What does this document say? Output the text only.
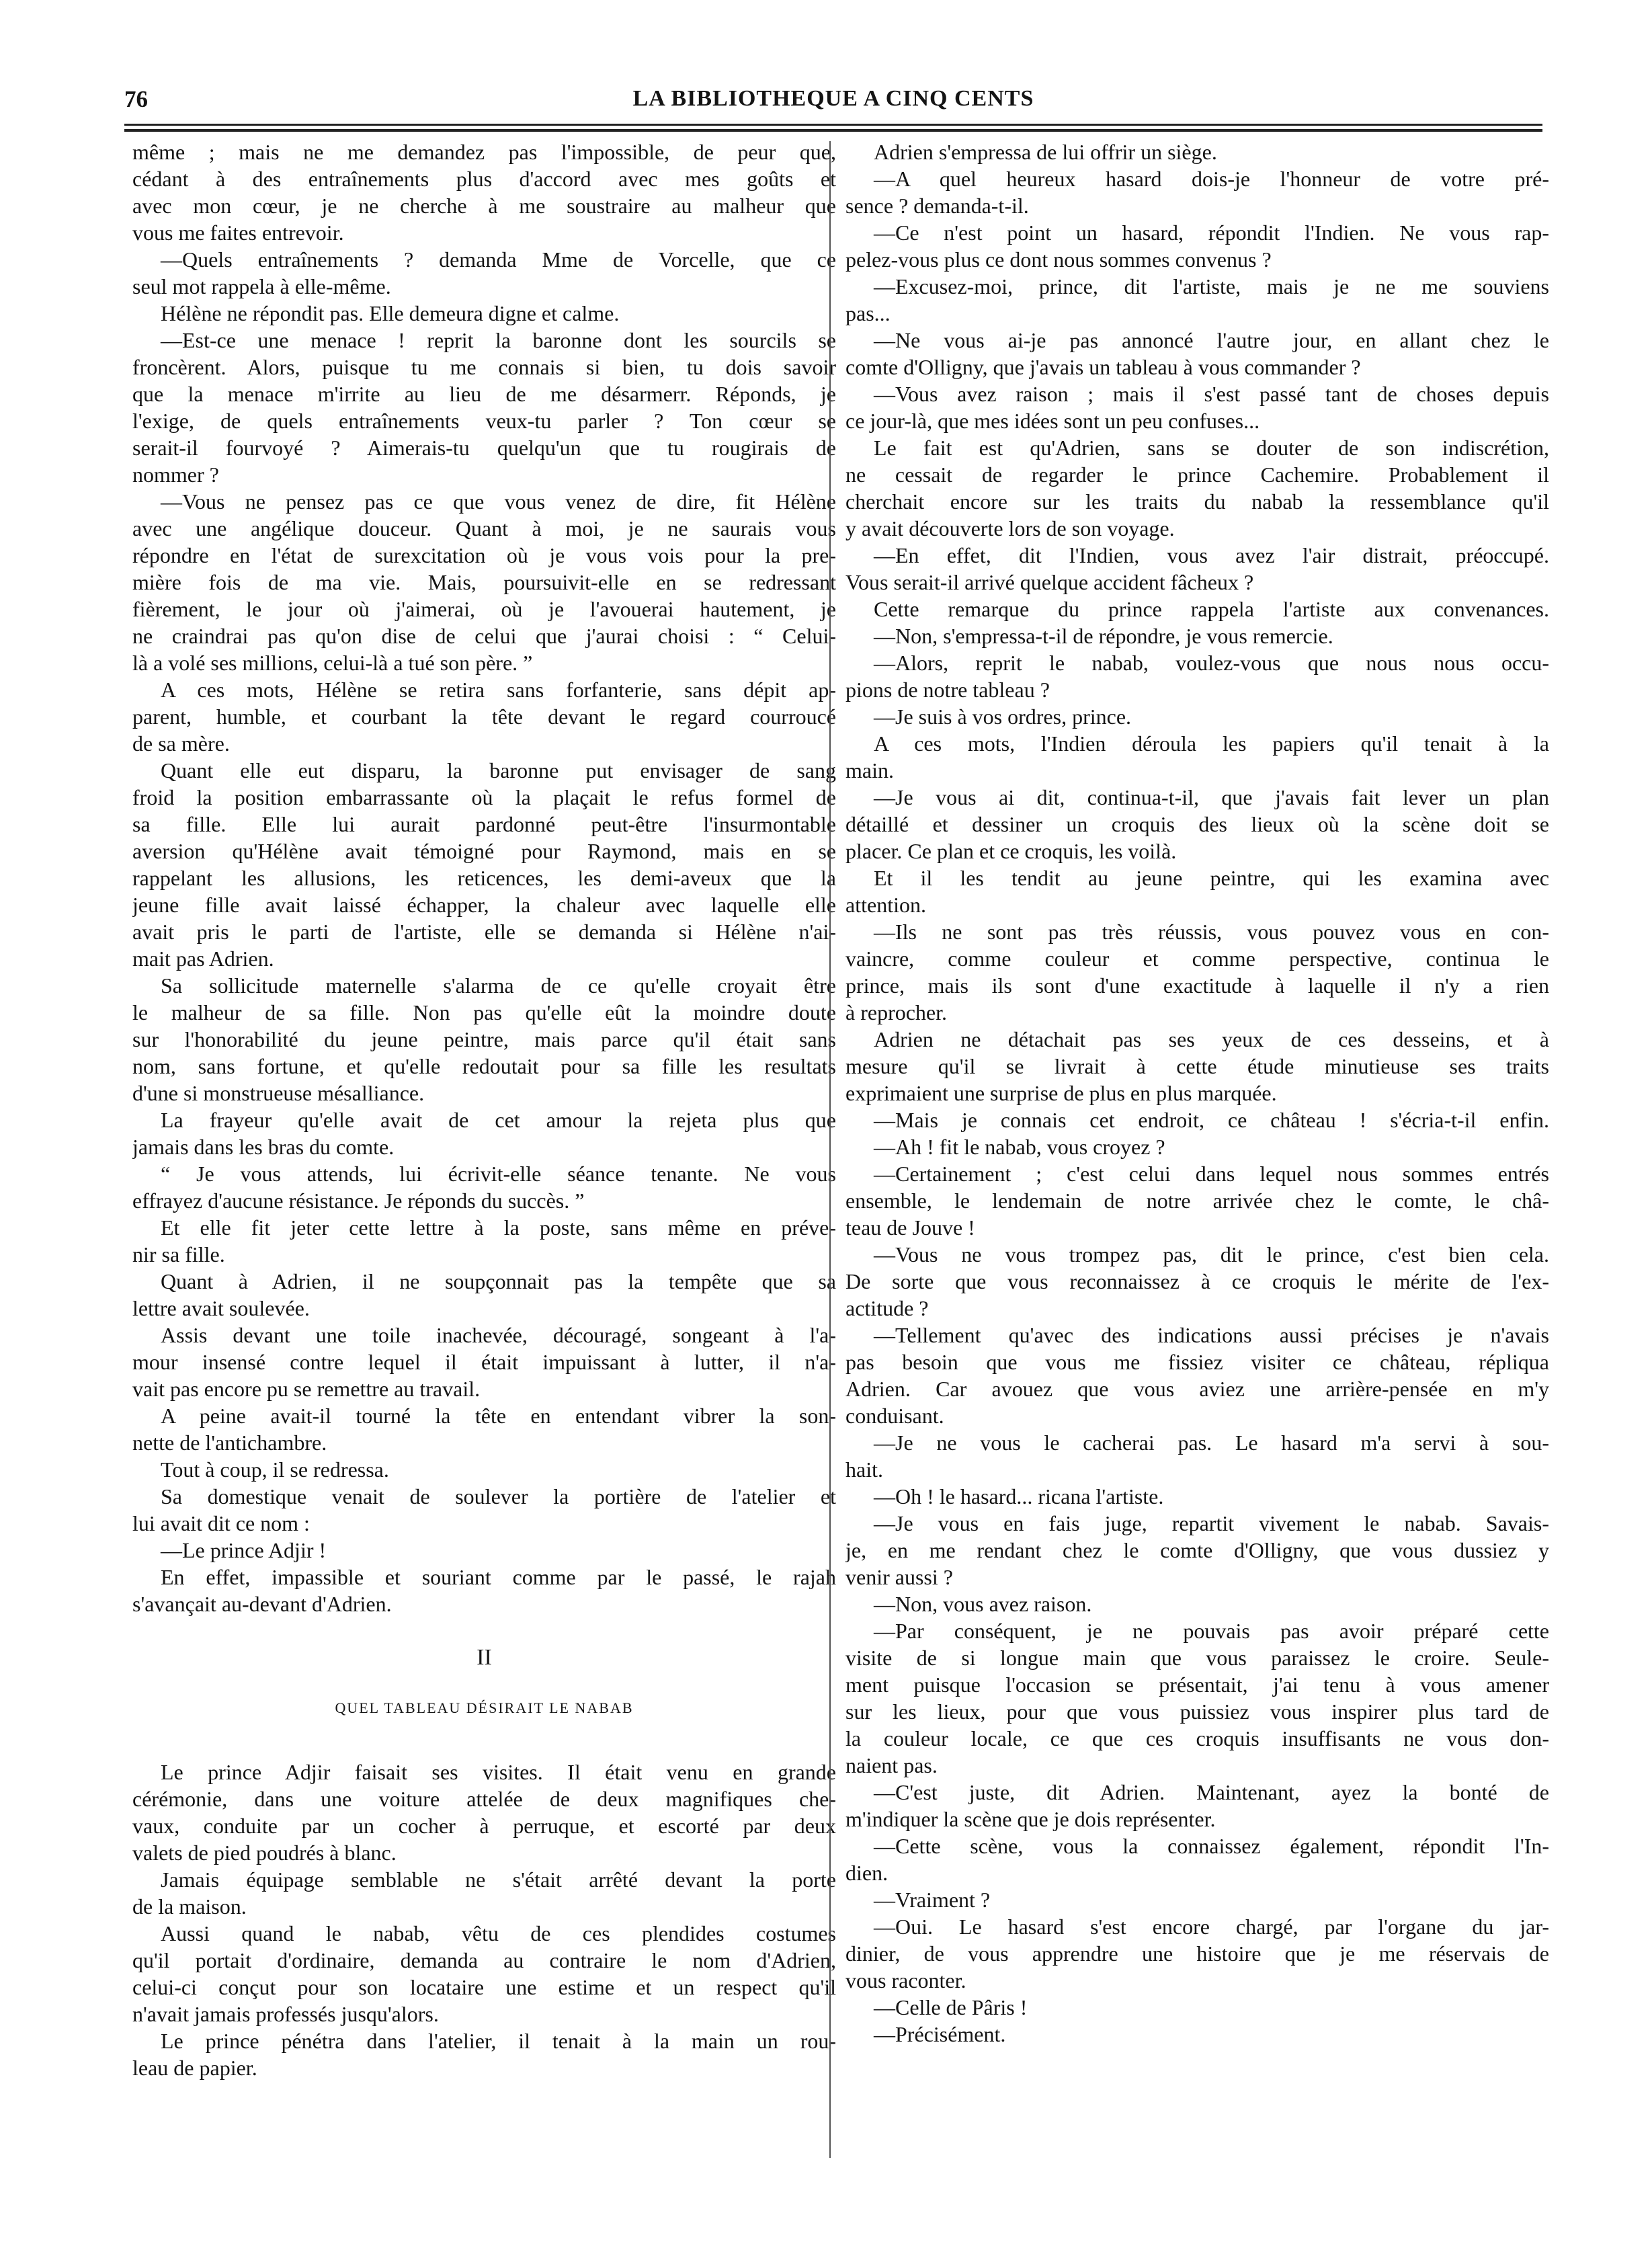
76	LA BIBLIOTHEQUE A CINQ CENTS
même ; mais ne me demandez pas l'impossible, de peur que,
cédant à des entraînements plus d'accord avec mes goûts et
avec mon cœur, je ne cherche à me soustraire au malheur que
vous me faites entrevoir.
—Quels entraînements ? demanda Mme de Vorcelle, que ce
seul mot rappela à elle-même.
Hélène ne répondit pas. Elle demeura digne et calme.
—Est-ce une menace ! reprit la baronne dont les sourcils se
froncèrent. Alors, puisque tu me connais si bien, tu dois savoir
que la menace m'irrite au lieu de me désarmerr. Réponds, je
l'exige, de quels entraînements veux-tu parler ? Ton cœur se
serait-il fourvoyé ? Aimerais-tu quelqu'un que tu rougirais de
nommer ?
—Vous ne pensez pas ce que vous venez de dire, fit Hélène
avec une angélique douceur. Quant à moi, je ne saurais vous
répondre en l'état de surexcitation où je vous vois pour la pre-
mière fois de ma vie. Mais, poursuivit-elle en se redressant
fièrement, le jour où j'aimerai, où je l'avouerai hautement, je
ne craindrai pas qu'on dise de celui que j'aurai choisi : “ Celui-
là a volé ses millions, celui-là a tué son père. ”
A ces mots, Hélène se retira sans forfanterie, sans dépit ap-
parent, humble, et courbant la tête devant le regard courroucé
de sa mère.
Quant elle eut disparu, la baronne put envisager de sang
froid la position embarrassante où la plaçait le refus formel de
sa fille. Elle lui aurait pardonné peut-être l'insurmontable
aversion qu'Hélène avait témoigné pour Raymond, mais en se
rappelant les allusions, les reticences, les demi-aveux que la
jeune fille avait laissé échapper, la chaleur avec laquelle elle
avait pris le parti de l'artiste, elle se demanda si Hélène n'ai-
mait pas Adrien.
Sa sollicitude maternelle s'alarma de ce qu'elle croyait être
le malheur de sa fille. Non pas qu'elle eût la moindre doute
sur l'honorabilité du jeune peintre, mais parce qu'il était sans
nom, sans fortune, et qu'elle redoutait pour sa fille les resultats
d'une si monstrueuse mésalliance.
La frayeur qu'elle avait de cet amour la rejeta plus que
jamais dans les bras du comte.
“ Je vous attends, lui écrivit-elle séance tenante. Ne vous
effrayez d'aucune résistance. Je réponds du succès. ”
Et elle fit jeter cette lettre à la poste, sans même en préve-
nir sa fille.
Quant à Adrien, il ne soupçonnait pas la tempête que sa
lettre avait soulevée.
Assis devant une toile inachevée, découragé, songeant à l'a-
mour insensé contre lequel il était impuissant à lutter, il n'a-
vait pas encore pu se remettre au travail.
A peine avait-il tourné la tête en entendant vibrer la son-
nette de l'antichambre.
Tout à coup, il se redressa.
Sa domestique venait de soulever la portière de l'atelier et
lui avait dit ce nom :
—Le prince Adjir !
En effet, impassible et souriant comme par le passé, le rajah
s'avançait au-devant d'Adrien.
II
QUEL TABLEAU DÉSIRAIT LE NABAB
Le prince Adjir faisait ses visites. Il était venu en grande
cérémonie, dans une voiture attelée de deux magnifiques che-
vaux, conduite par un cocher à perruque, et escorté par deux
valets de pied poudrés à blanc.
Jamais équipage semblable ne s'était arrêté devant la porte
de la maison.
Aussi quand le nabab, vêtu de ces plendides costumes
qu'il portait d'ordinaire, demanda au contraire le nom d'Adrien,
celui-ci conçut pour son locataire une estime et un respect qu'il
n'avait jamais professés jusqu'alors.
Le prince pénétra dans l'atelier, il tenait à la main un rou-
leau de papier.
Adrien s'empressa de lui offrir un siège.
—A quel heureux hasard dois-je l'honneur de votre pré-
sence ? demanda-t-il.
—Ce n'est point un hasard, répondit l'Indien. Ne vous rap-
pelez-vous plus ce dont nous sommes convenus ?
—Excusez-moi, prince, dit l'artiste, mais je ne me souviens
pas...
—Ne vous ai-je pas annoncé l'autre jour, en allant chez le
comte d'Olligny, que j'avais un tableau à vous commander ?
—Vous avez raison ; mais il s'est passé tant de choses depuis
ce jour-là, que mes idées sont un peu confuses...
Le fait est qu'Adrien, sans se douter de son indiscrétion,
ne cessait de regarder le prince Cachemire. Probablement il
cherchait encore sur les traits du nabab la ressemblance qu'il
y avait découverte lors de son voyage.
—En effet, dit l'Indien, vous avez l'air distrait, préoccupé.
Vous serait-il arrivé quelque accident fâcheux ?
Cette remarque du prince rappela l'artiste aux convenances.
—Non, s'empressa-t-il de répondre, je vous remercie.
—Alors, reprit le nabab, voulez-vous que nous nous occu-
pions de notre tableau ?
—Je suis à vos ordres, prince.
A ces mots, l'Indien déroula les papiers qu'il tenait à la
main.
—Je vous ai dit, continua-t-il, que j'avais fait lever un plan
détaillé et dessiner un croquis des lieux où la scène doit se
placer. Ce plan et ce croquis, les voilà.
Et il les tendit au jeune peintre, qui les examina avec
attention.
—Ils ne sont pas très réussis, vous pouvez vous en con-
vaincre, comme couleur et comme perspective, continua le
prince, mais ils sont d'une exactitude à laquelle il n'y a rien
à reprocher.
Adrien ne détachait pas ses yeux de ces desseins, et à
mesure qu'il se livrait à cette étude minutieuse ses traits
exprimaient une surprise de plus en plus marquée.
—Mais je connais cet endroit, ce château ! s'écria-t-il enfin.
—Ah ! fit le nabab, vous croyez ?
—Certainement ; c'est celui dans lequel nous sommes entrés
ensemble, le lendemain de notre arrivée chez le comte, le châ-
teau de Jouve !
—Vous ne vous trompez pas, dit le prince, c'est bien cela.
De sorte que vous reconnaissez à ce croquis le mérite de l'ex-
actitude ?
—Tellement qu'avec des indications aussi précises je n'avais
pas besoin que vous me fissiez visiter ce château, répliqua
Adrien. Car avouez que vous aviez une arrière-pensée en m'y
conduisant.
—Je ne vous le cacherai pas. Le hasard m'a servi à sou-
hait.
—Oh ! le hasard... ricana l'artiste.
—Je vous en fais juge, repartit vivement le nabab. Savais-
je, en me rendant chez le comte d'Olligny, que vous dussiez y
venir aussi ?
—Non, vous avez raison.
—Par conséquent, je ne pouvais pas avoir préparé cette
visite de si longue main que vous paraissez le croire. Seule-
ment puisque l'occasion se présentait, j'ai tenu à vous amener
sur les lieux, pour que vous puissiez vous inspirer plus tard de
la couleur locale, ce que ces croquis insuffisants ne vous don-
naient pas.
—C'est juste, dit Adrien. Maintenant, ayez la bonté de
m'indiquer la scène que je dois représenter.
—Cette scène, vous la connaissez également, répondit l'In-
dien.
—Vraiment ?
—Oui. Le hasard s'est encore chargé, par l'organe du jar-
dinier, de vous apprendre une histoire que je me réservais de
vous raconter.
—Celle de Pâris !
—Précisément.
